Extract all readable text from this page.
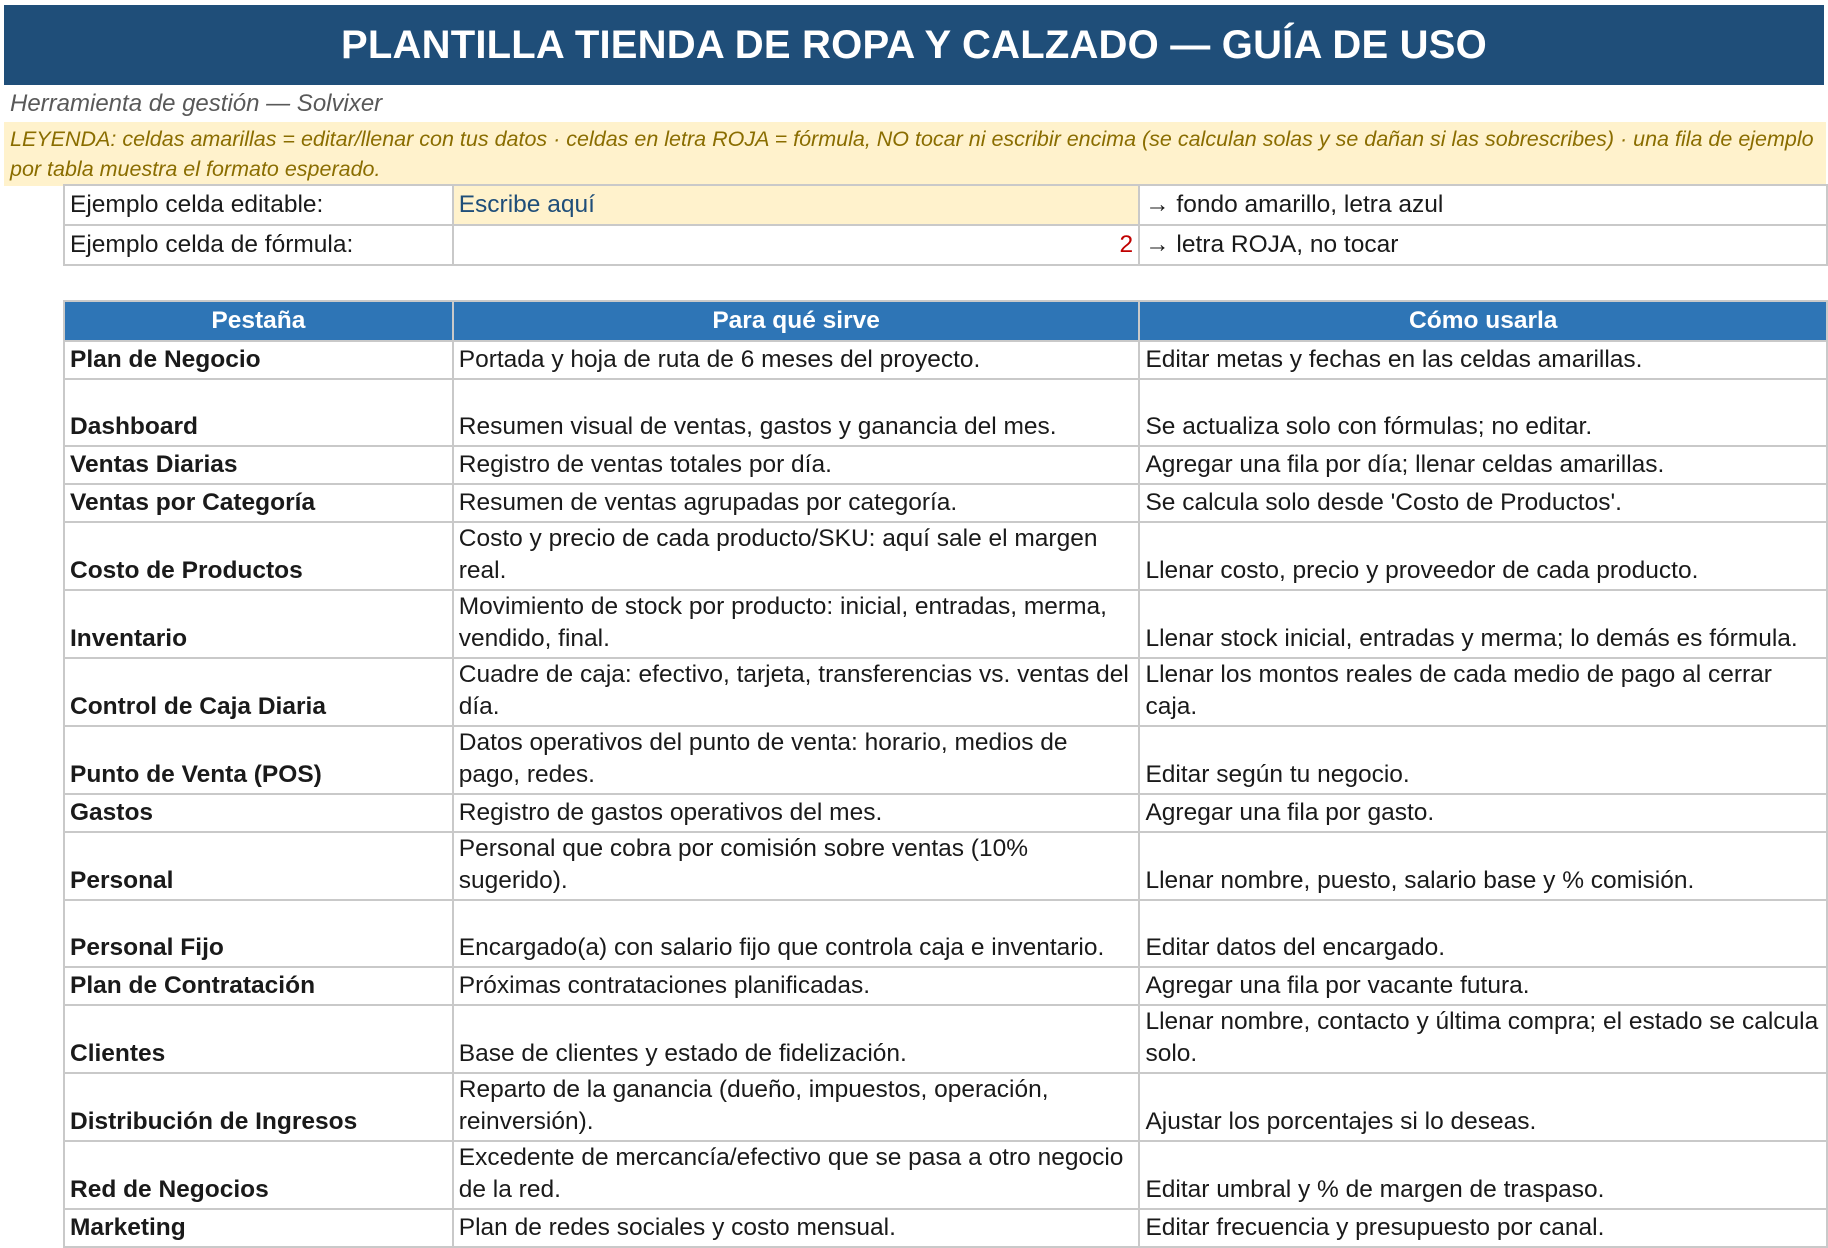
PLANTILLA TIENDA DE ROPA Y CALZADO — GUÍA DE USO
Herramienta de gestión — Solvixer
LEYENDA: celdas amarillas = editar/llenar con tus datos · celdas en letra ROJA = fórmula, NO tocar ni escribir encima (se calculan solas y se dañan si las sobrescribes) · una fila de ejemplo por tabla muestra el formato esperado.
Ejemplo celda editable:	Escribe aquí	→ fondo amarillo, letra azul
Ejemplo celda de fórmula:	2	→ letra ROJA, no tocar
Pestaña	Para qué sirve	Cómo usarla
Plan de Negocio	Portada y hoja de ruta de 6 meses del proyecto.	Editar metas y fechas en las celdas amarillas.
Dashboard	Resumen visual de ventas, gastos y ganancia del mes.	Se actualiza solo con fórmulas; no editar.
Ventas Diarias	Registro de ventas totales por día.	Agregar una fila por día; llenar celdas amarillas.
Ventas por Categoría	Resumen de ventas agrupadas por categoría.	Se calcula solo desde 'Costo de Productos'.
Costo de Productos	Costo y precio de cada producto/SKU: aquí sale el margen real.	Llenar costo, precio y proveedor de cada producto.
Inventario	Movimiento de stock por producto: inicial, entradas, merma, vendido, final.	Llenar stock inicial, entradas y merma; lo demás es fórmula.
Control de Caja Diaria	Cuadre de caja: efectivo, tarjeta, transferencias vs. ventas del día.	Llenar los montos reales de cada medio de pago al cerrar caja.
Punto de Venta (POS)	Datos operativos del punto de venta: horario, medios de pago, redes.	Editar según tu negocio.
Gastos	Registro de gastos operativos del mes.	Agregar una fila por gasto.
Personal	Personal que cobra por comisión sobre ventas (10% sugerido).	Llenar nombre, puesto, salario base y % comisión.
Personal Fijo	Encargado(a) con salario fijo que controla caja e inventario.	Editar datos del encargado.
Plan de Contratación	Próximas contrataciones planificadas.	Agregar una fila por vacante futura.
Clientes	Base de clientes y estado de fidelización.	Llenar nombre, contacto y última compra; el estado se calcula solo.
Distribución de Ingresos	Reparto de la ganancia (dueño, impuestos, operación, reinversión).	Ajustar los porcentajes si lo deseas.
Red de Negocios	Excedente de mercancía/efectivo que se pasa a otro negocio de la red.	Editar umbral y % de margen de traspaso.
Marketing	Plan de redes sociales y costo mensual.	Editar frecuencia y presupuesto por canal.
